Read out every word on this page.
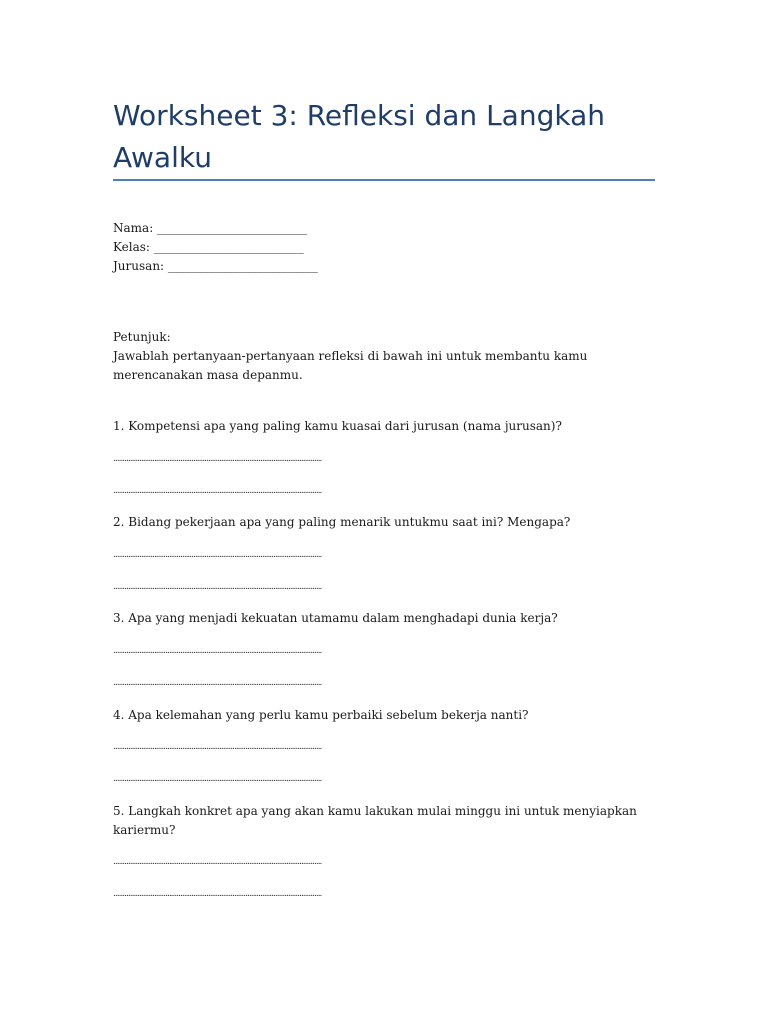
Worksheet 3: Refleksi dan Langkah Awalku

Nama: _________________________

Kelas: _________________________

Jurusan: _________________________

Petunjuk:

Jawablah pertanyaan-pertanyaan refleksi di bawah ini untuk membantu kamu merencanakan masa depanmu.

1. Kompetensi apa yang paling kamu kuasai dari jurusan (nama jurusan)?

................................................................................................................
................................................................................................................

2. Bidang pekerjaan apa yang paling menarik untukmu saat ini? Mengapa?

................................................................................................................
................................................................................................................

3. Apa yang menjadi kekuatan utamamu dalam menghadapi dunia kerja?

................................................................................................................
................................................................................................................

4. Apa kelemahan yang perlu kamu perbaiki sebelum bekerja nanti?

................................................................................................................
................................................................................................................

5. Langkah konkret apa yang akan kamu lakukan mulai minggu ini untuk menyiapkan kariermu?

................................................................................................................
................................................................................................................
